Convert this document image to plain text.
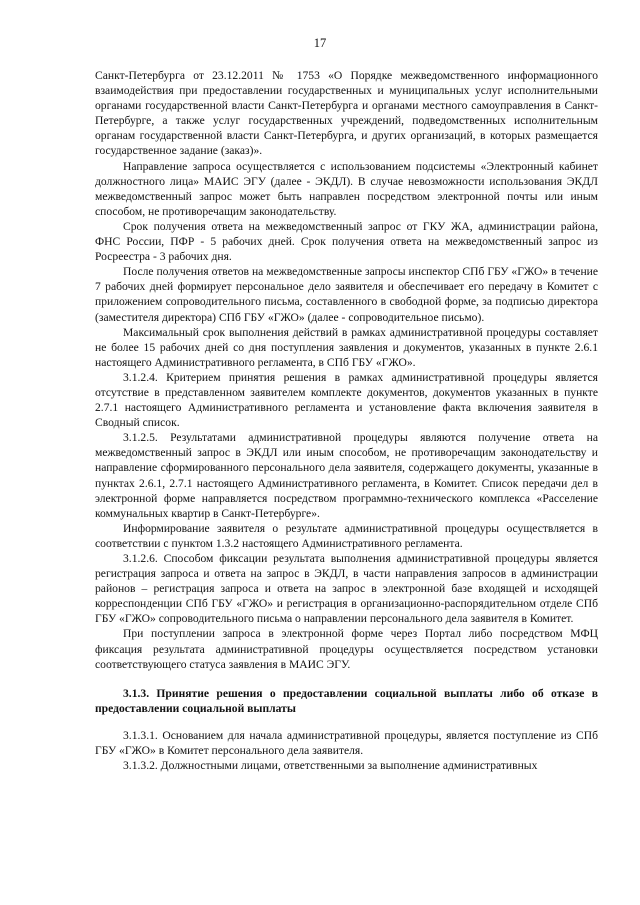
17

Санкт-Петербурга от 23.12.2011 № 1753 «О Порядке межведомственного информационного взаимодействия при предоставлении государственных и муниципальных услуг исполнительными органами государственной власти Санкт-Петербурга и органами местного самоуправления в Санкт-Петербурге, а также услуг государственных учреждений, подведомственных исполнительным органам государственной власти Санкт-Петербурга, и других организаций, в которых размещается государственное задание (заказ)».

Направление запроса осуществляется с использованием подсистемы «Электронный кабинет должностного лица» МАИС ЭГУ (далее - ЭКДЛ). В случае невозможности использования ЭКДЛ межведомственный запрос может быть направлен посредством электронной почты или иным способом, не противоречащим законодательству.

Срок получения ответа на межведомственный запрос от ГКУ ЖА, администрации района, ФНС России, ПФР - 5 рабочих дней. Срок получения ответа на межведомственный запрос из Росреестра - 3 рабочих дня.

После получения ответов на межведомственные запросы инспектор СПб ГБУ «ГЖО» в течение 7 рабочих дней формирует персональное дело заявителя и обеспечивает его передачу в Комитет с приложением сопроводительного письма, составленного в свободной форме, за подписью директора (заместителя директора) СПб ГБУ «ГЖО» (далее - сопроводительное письмо).

Максимальный срок выполнения действий в рамках административной процедуры составляет не более 15 рабочих дней со дня поступления заявления и документов, указанных в пункте 2.6.1 настоящего Административного регламента, в СПб ГБУ «ГЖО».

3.1.2.4. Критерием принятия решения в рамках административной процедуры является отсутствие в представленном заявителем комплекте документов, документов указанных в пункте 2.7.1 настоящего Административного регламента и установление факта включения заявителя в Сводный список.

3.1.2.5. Результатами административной процедуры являются получение ответа на межведомственный запрос в ЭКДЛ или иным способом, не противоречащим законодательству и направление сформированного персонального дела заявителя, содержащего документы, указанные в пунктах 2.6.1, 2.7.1 настоящего Административного регламента, в Комитет. Список передачи дел в электронной форме направляется посредством программно-технического комплекса «Расселение коммунальных квартир в Санкт-Петербурге».

Информирование заявителя о результате административной процедуры осуществляется в соответствии с пунктом 1.3.2 настоящего Административного регламента.

3.1.2.6. Способом фиксации результата выполнения административной процедуры является регистрация запроса и ответа на запрос в ЭКДЛ, в части направления запросов в администрации районов – регистрация запроса и ответа на запрос в электронной базе входящей и исходящей корреспонденции СПб ГБУ «ГЖО» и регистрация в организационно-распорядительном отделе СПб ГБУ «ГЖО» сопроводительного письма о направлении персонального дела заявителя в Комитет.

При поступлении запроса в электронной форме через Портал либо посредством МФЦ фиксация результата административной процедуры осуществляется посредством установки соответствующего статуса заявления в МАИС ЭГУ.

3.1.3. Принятие решения о предоставлении социальной выплаты либо об отказе в предоставлении социальной выплаты

3.1.3.1. Основанием для начала административной процедуры, является поступление из СПб ГБУ «ГЖО» в Комитет персонального дела заявителя.

3.1.3.2. Должностными лицами, ответственными за выполнение административных
